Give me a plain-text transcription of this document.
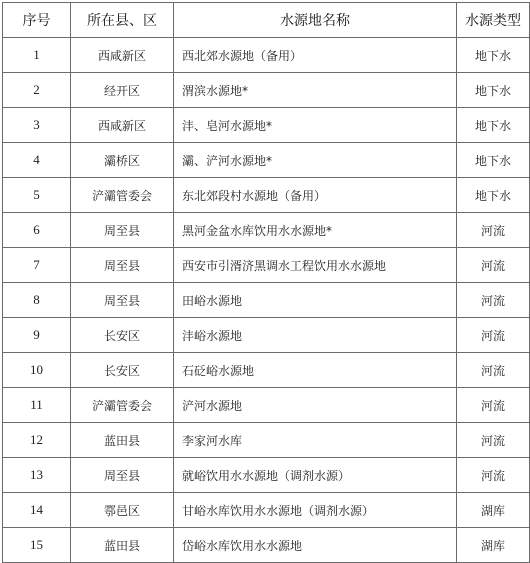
序号	所在县、区	水源地名称	水源类型
1	西咸新区	西北郊水源地（备用）	地下水
2	经开区	渭滨水源地*	地下水
3	西咸新区	沣、皂河水源地*	地下水
4	灞桥区	灞、浐河水源地*	地下水
5	浐灞管委会	东北郊段村水源地（备用）	地下水
6	周至县	黑河金盆水库饮用水水源地*	河流
7	周至县	西安市引湑济黑调水工程饮用水水源地	河流
8	周至县	田峪水源地	河流
9	长安区	沣峪水源地	河流
10	长安区	石砭峪水源地	河流
11	浐灞管委会	浐河水源地	河流
12	蓝田县	李家河水库	河流
13	周至县	就峪饮用水水源地（调剂水源）	河流
14	鄠邑区	甘峪水库饮用水水源地（调剂水源）	湖库
15	蓝田县	岱峪水库饮用水水源地	湖库
